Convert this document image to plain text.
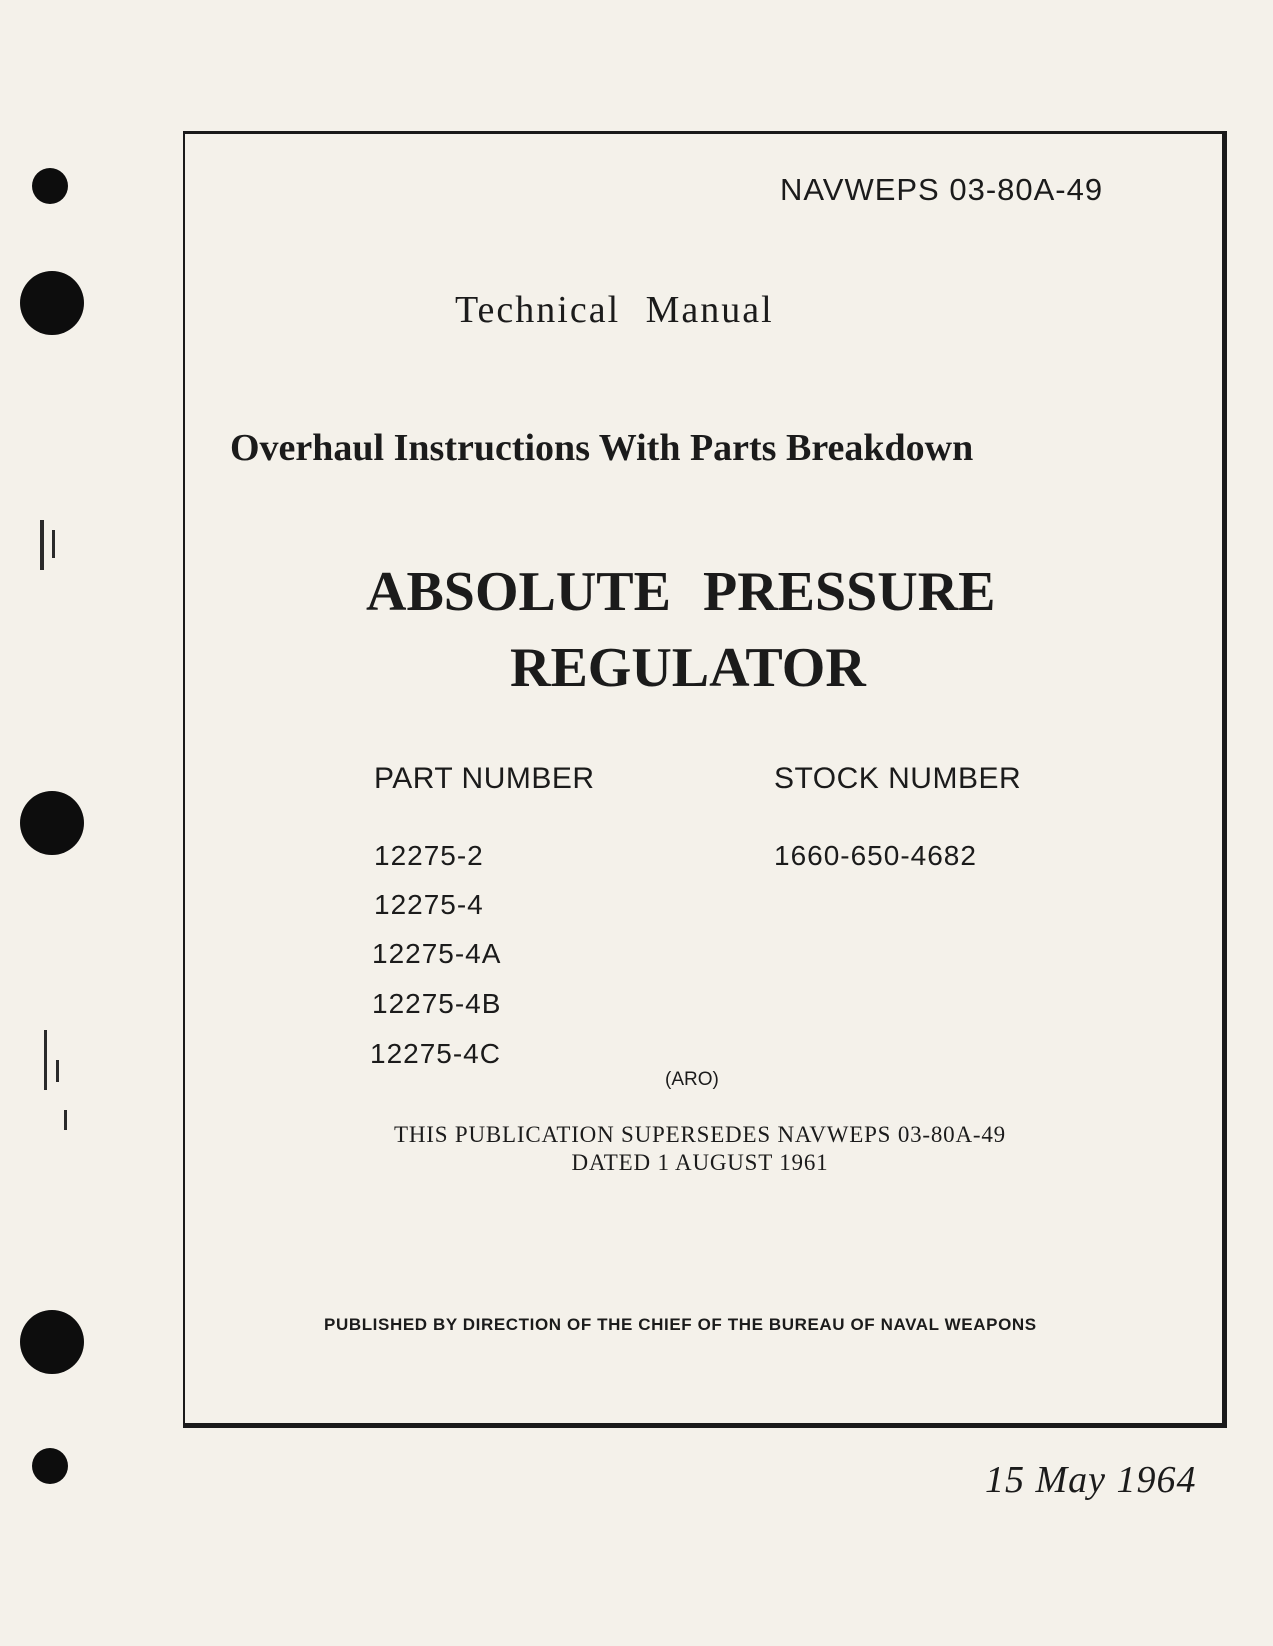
NAVWEPS 03-80A-49
Technical Manual
Overhaul Instructions With Parts Breakdown
ABSOLUTE PRESSURE
REGULATOR
PART NUMBER	STOCK NUMBER
12275-2
12275-4
12275-4A
12275-4B
12275-4C
1660-650-4682
(ARO)
THIS PUBLICATION SUPERSEDES NAVWEPS 03-80A-49
DATED 1 AUGUST 1961
PUBLISHED BY DIRECTION OF THE CHIEF OF THE BUREAU OF NAVAL WEAPONS
15 May 1964
